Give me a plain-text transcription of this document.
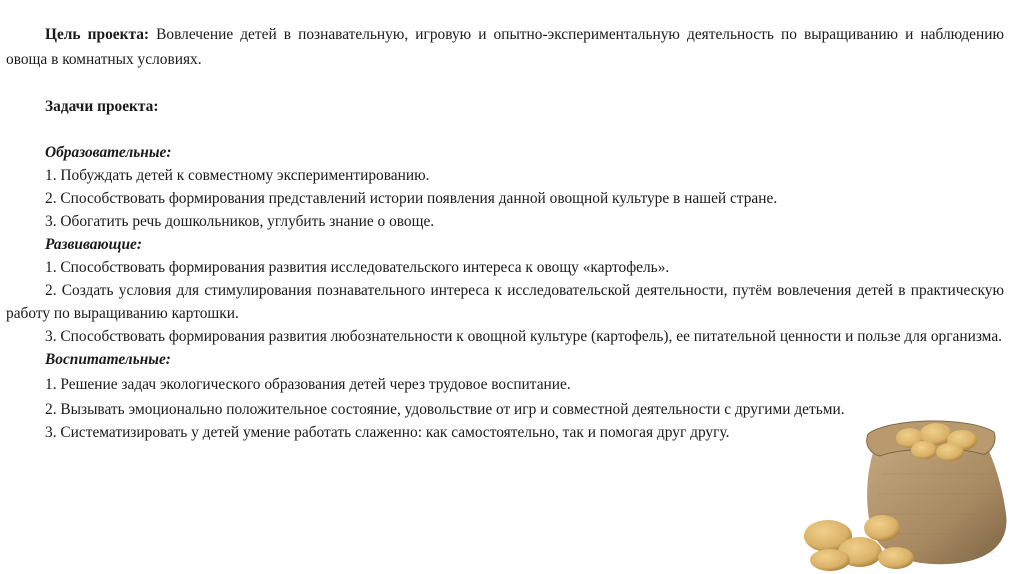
Цель проекта: Вовлечение детей в познавательную, игровую и опытно-экспериментальную деятельность по выращиванию и наблюдению овоща в комнатных условиях.

Задачи проекта:

Образовательные:

1. Побуждать детей к совместному экспериментированию.

2. Способствовать формирования представлений истории появления данной овощной культуре в нашей стране.

3. Обогатить речь дошкольников, углубить знание о овоще.

Развивающие:

1. Способствовать формирования развития исследовательского интереса к овощу «картофель».

2. Создать условия для стимулирования познавательного интереса к исследовательской деятельности, путём вовлечения детей в практическую работу по выращиванию картошки.

3. Способствовать формирования развития любознательности к овощной культуре (картофель), ее питательной ценности и пользе для организма.

Воспитательные:

1. Решение задач экологического образования детей через трудовое воспитание.

2. Вызывать эмоционально положительное состояние, удовольствие от игр и совместной деятельности с другими детьми.

3. Систематизировать у детей умение работать слаженно: как самостоятельно, так и помогая друг другу.
